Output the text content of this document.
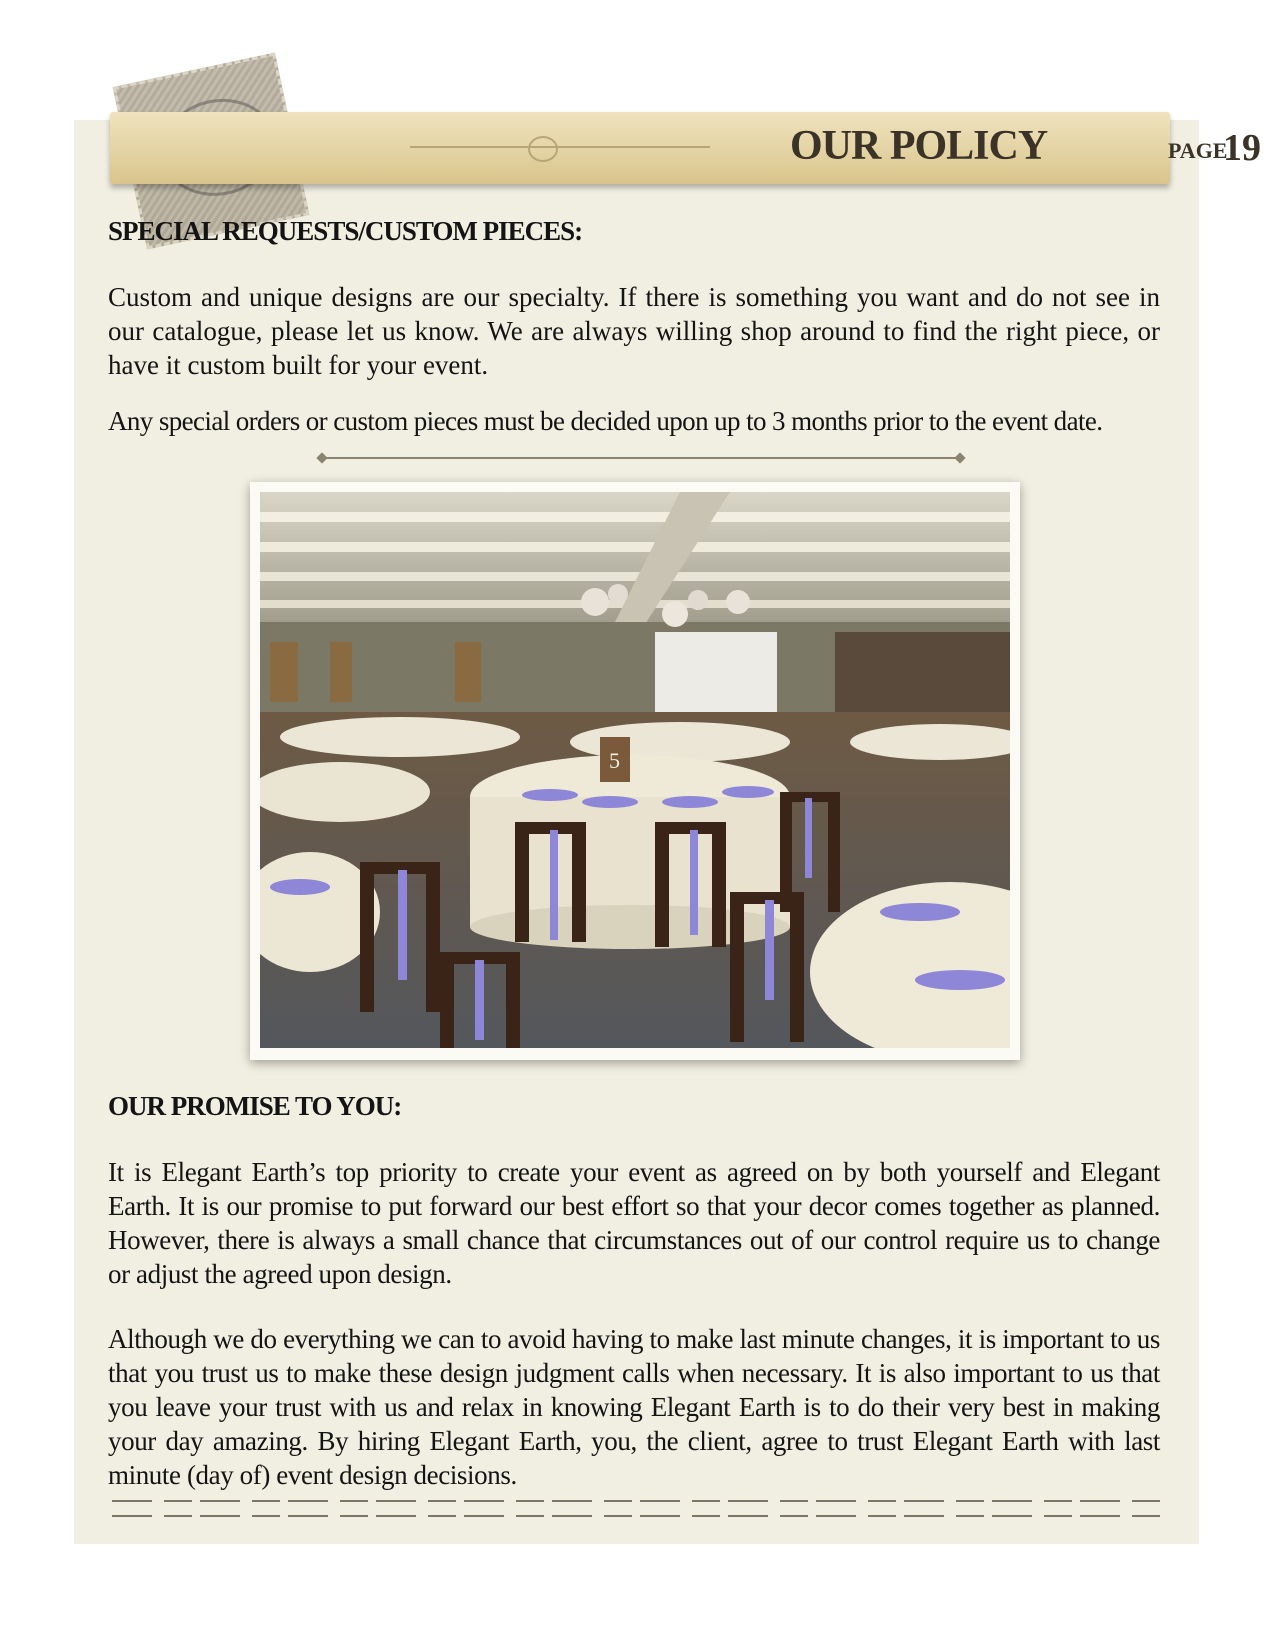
OUR POLICY	PAGE
19
SPECIAL REQUESTS/CUSTOM PIECES:

Custom and unique designs are our specialty. If there is something you want and do not see in our catalogue, please let us know. We are always willing shop around to find the right piece, or have it custom built for your event.

Any special orders or custom pieces must be decided upon up to 3 months prior to the event date.

5
OUR PROMISE TO YOU:

It is Elegant Earth’s top priority to create your event as agreed on by both yourself and Elegant Earth. It is our promise to put forward our best effort so that your decor comes together as planned. However, there is always a small chance that circumstances out of our control require us to change or adjust the agreed upon design.

Although we do everything we can to avoid having to make last minute changes, it is important to us that you trust us to make these design judgment calls when necessary. It is also important to us that you leave your trust with us and relax in knowing Elegant Earth is to do their very best in making your day amazing. By hiring Elegant Earth, you, the client, agree to trust Elegant Earth with last minute (day of) event design decisions.
